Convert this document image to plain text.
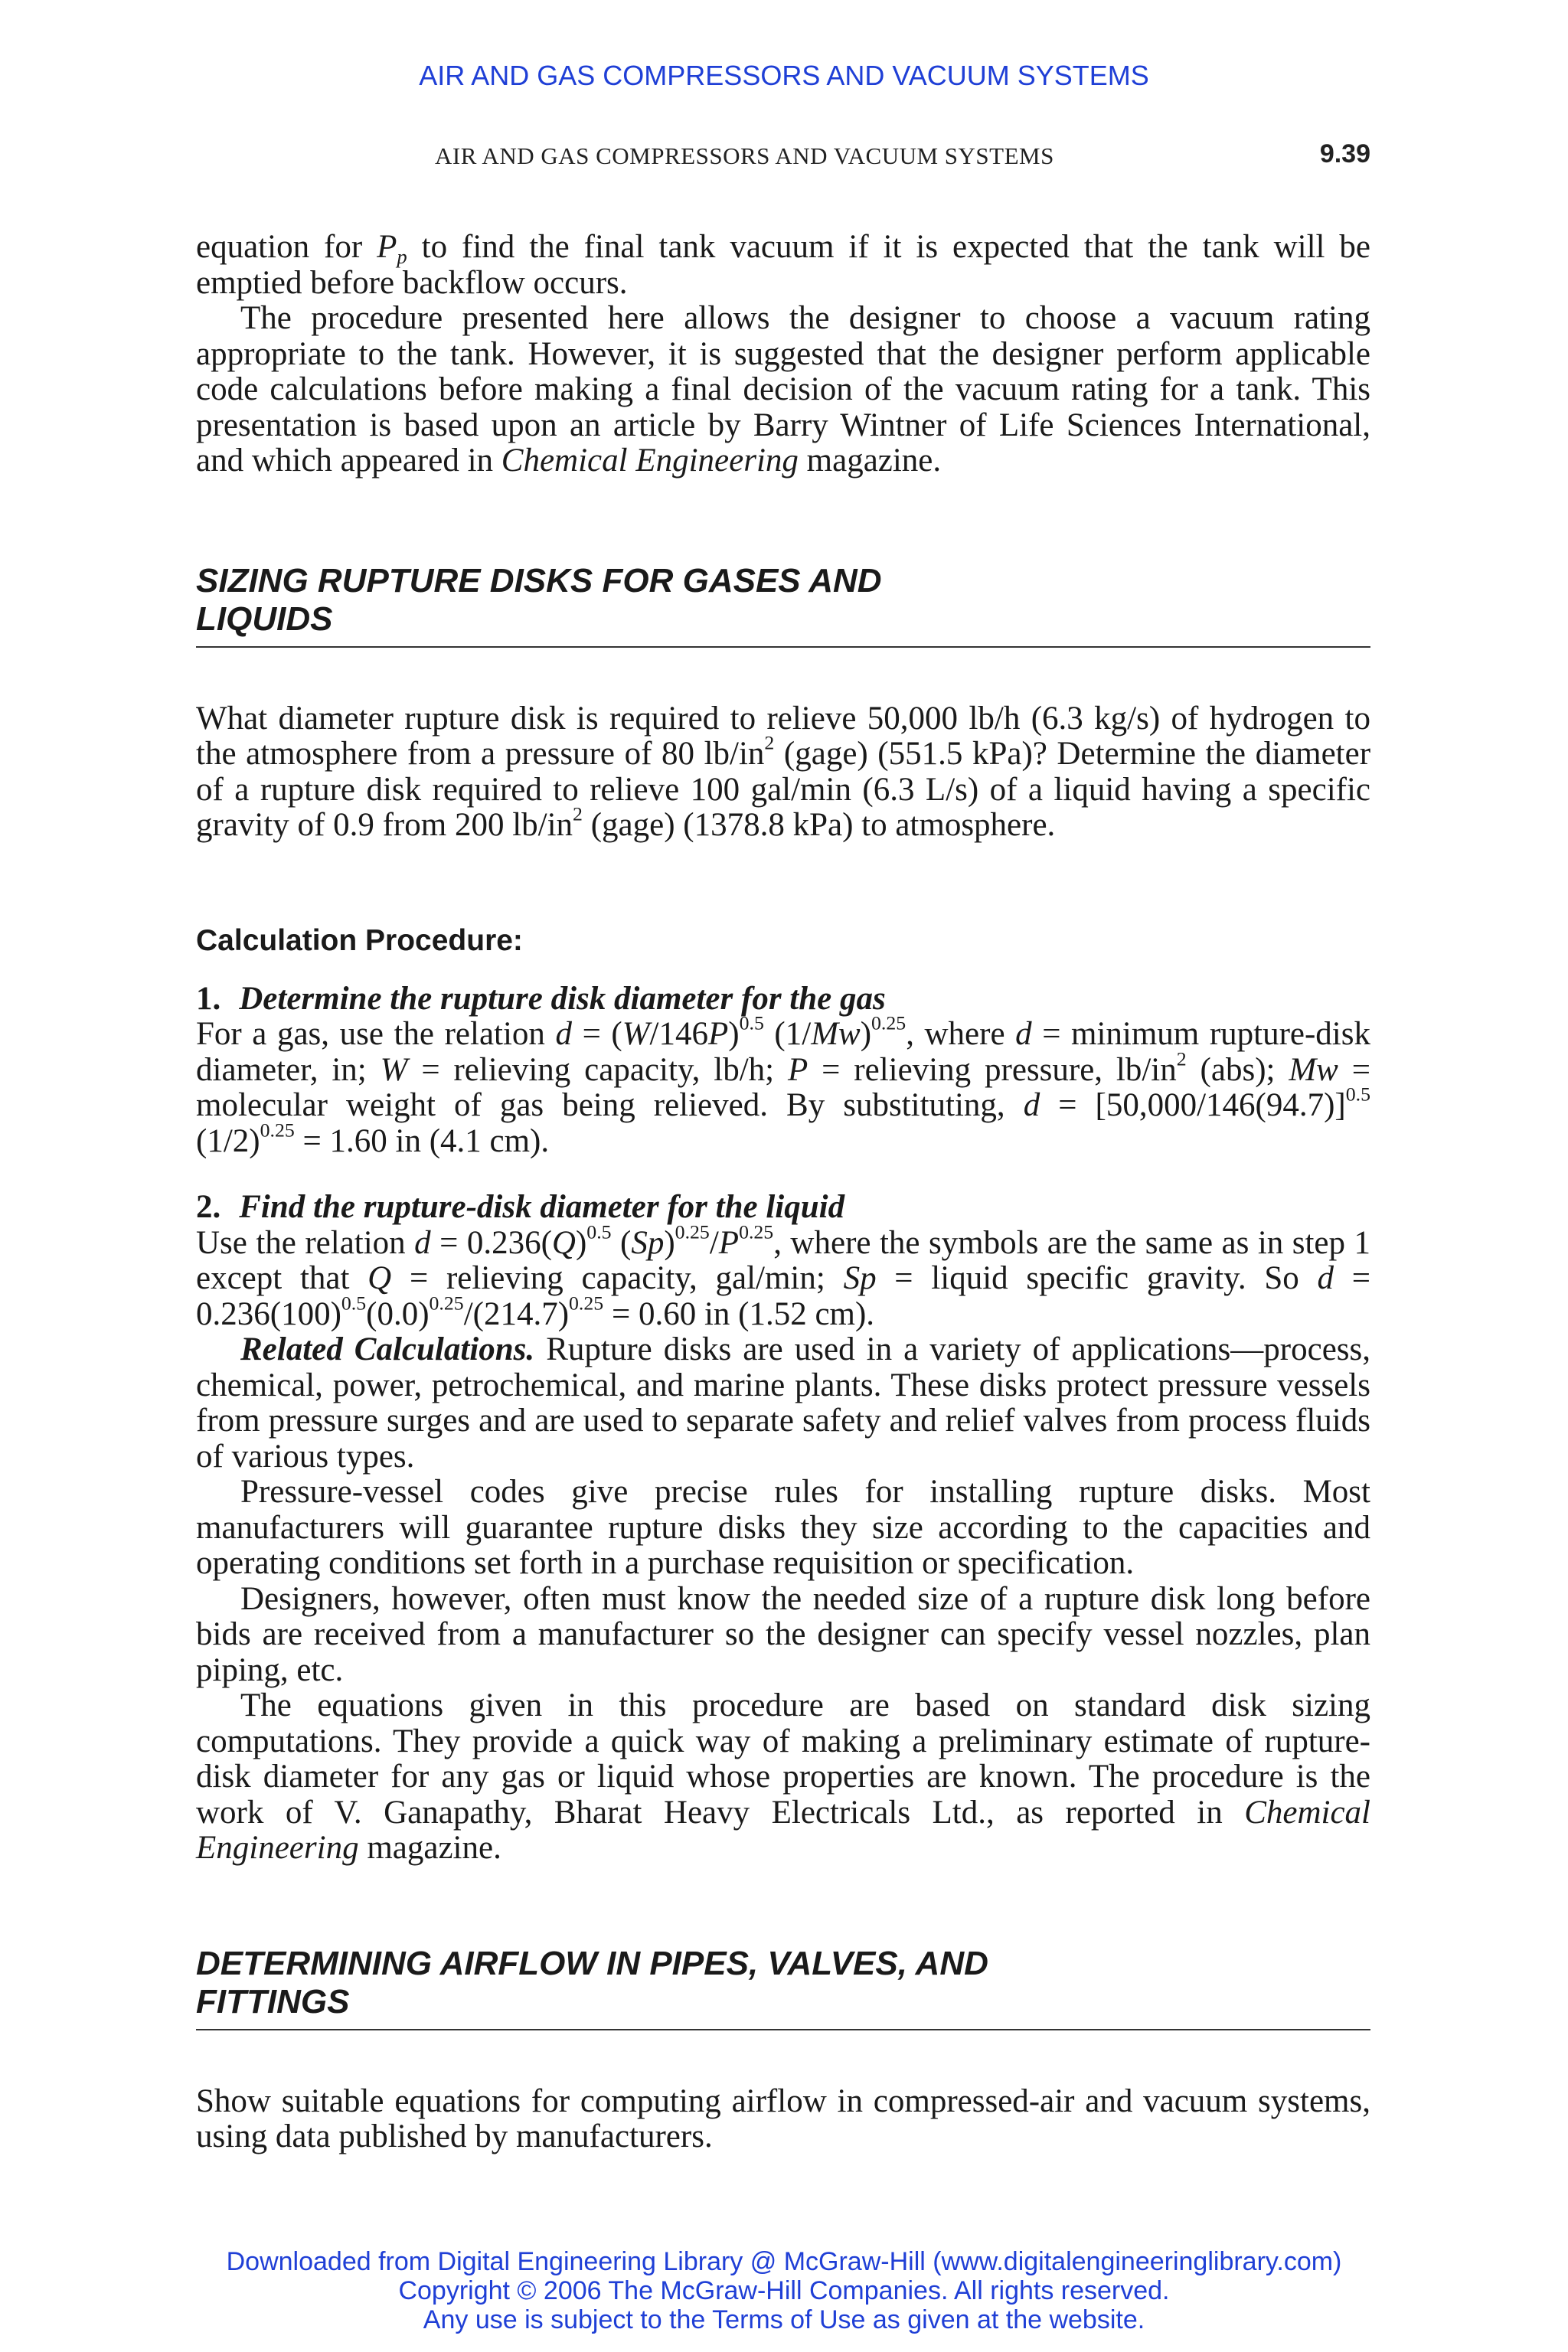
AIR AND GAS COMPRESSORS AND VACUUM SYSTEMS
AIR AND GAS COMPRESSORS AND VACUUM SYSTEMS	9.39

equation for $P_p$ to find the final tank vacuum if it is expected that the tank will be emptied before backflow occurs.

The procedure presented here allows the designer to choose a vacuum rating appropriate to the tank. However, it is suggested that the designer perform applicable code calculations before making a final decision of the vacuum rating for a tank. This presentation is based upon an article by Barry Wintner of Life Sciences International, and which appeared in Chemical Engineering magazine.

SIZING RUPTURE DISKS FOR GASES AND
LIQUIDS

What diameter rupture disk is required to relieve 50,000 lb/h (6.3 kg/s) of hydrogen to the atmosphere from a pressure of 80 $lb/in^2$ (gage) (551.5 kPa)? Determine the diameter of a rupture disk required to relieve 100 gal/min (6.3 L/s) of a liquid having a specific gravity of 0.9 from 200 $lb/in^2$ (gage) (1378.8 kPa) to atmosphere.

Calculation Procedure:
1. Determine the rupture disk diameter for the gas

For a gas, use the relation $d = (W/146P)^{0.5}$ $(1/Mw)^{0.25}$, where d = minimum rupture-disk diameter, in; W = relieving capacity, lb/h; P = relieving pressure, $lb/in^2$ (abs); Mw = molecular weight of gas being relieved. By substituting, $d = [50,000/146(94.7)]^{0.5}$ $(1/2)^{0.25} = 1.60$ in (4.1 cm).

2. Find the rupture-disk diameter for the liquid

Use the relation $d = 0.236(Q)^{0.5}$ $(Sp)^{0.25}/P^{0.25}$, where the symbols are the same as in step 1 except that Q = relieving capacity, gal/min; Sp = liquid specific gravity. So $d = 0.236(100)^{0.5}(0.0)^{0.25}/(214.7)^{0.25} = 0.60$ in (1.52 cm).

Related Calculations. Rupture disks are used in a variety of applications—process, chemical, power, petrochemical, and marine plants. These disks protect pressure vessels from pressure surges and are used to separate safety and relief valves from process fluids of various types.

Pressure-vessel codes give precise rules for installing rupture disks. Most manufacturers will guarantee rupture disks they size according to the capacities and operating conditions set forth in a purchase requisition or specification.

Designers, however, often must know the needed size of a rupture disk long before bids are received from a manufacturer so the designer can specify vessel nozzles, plan piping, etc.

The equations given in this procedure are based on standard disk sizing computations. They provide a quick way of making a preliminary estimate of rupture-disk diameter for any gas or liquid whose properties are known. The procedure is the work of V. Ganapathy, Bharat Heavy Electricals Ltd., as reported in Chemical Engineering magazine.

DETERMINING AIRFLOW IN PIPES, VALVES, AND
FITTINGS

Show suitable equations for computing airflow in compressed-air and vacuum systems, using data published by manufacturers.

Downloaded from Digital Engineering Library @ McGraw-Hill (www.digitalengineeringlibrary.com)
Copyright © 2006 The McGraw-Hill Companies. All rights reserved.
Any use is subject to the Terms of Use as given at the website.
